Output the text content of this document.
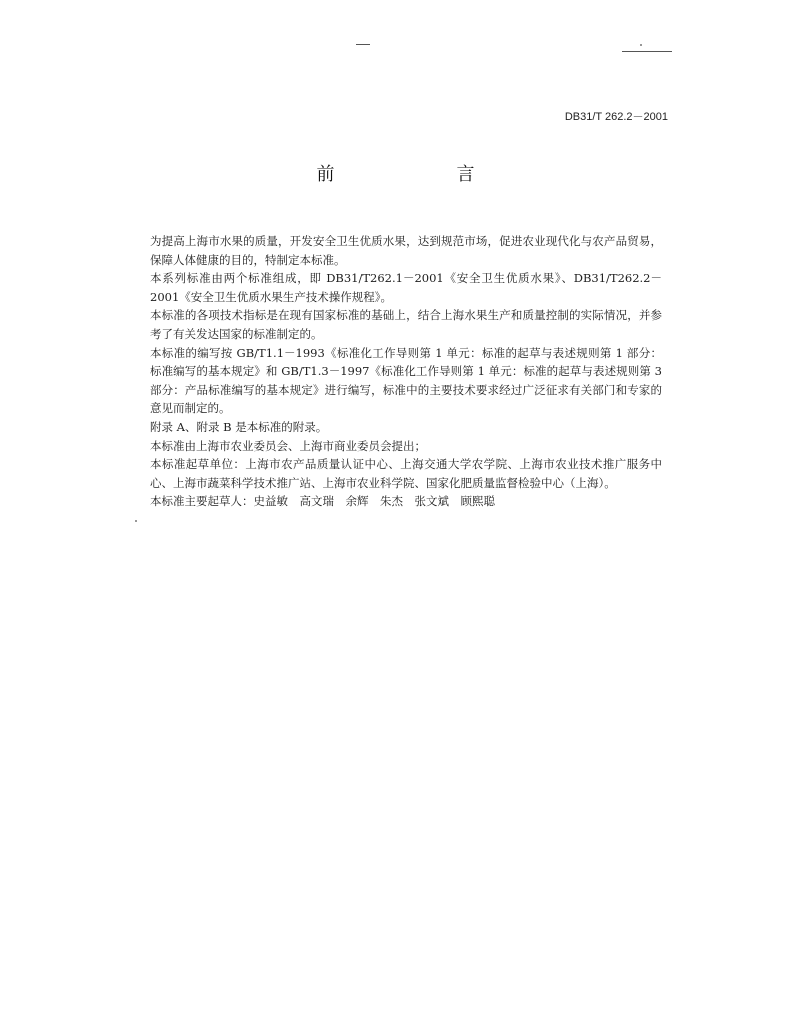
DB31/T 262.2－2001
前　言

为提高上海市水果的质量，开发安全卫生优质水果，达到规范市场，促进农业现代化与农产品贸易，保障人体健康的目的，特制定本标准。

本系列标准由两个标准组成，即 DB31/T262.1－2001《安全卫生优质水果》、DB31/T262.2－2001《安全卫生优质水果生产技术操作规程》。

本标准的各项技术指标是在现有国家标准的基础上，结合上海水果生产和质量控制的实际情况，并参考了有关发达国家的标准制定的。

本标准的编写按 GB/T1.1－1993《标准化工作导则第 1 单元：标准的起草与表述规则第 1 部分：标准编写的基本规定》和 GB/T1.3－1997《标准化工作导则第 1 单元：标准的起草与表述规则第 3 部分：产品标准编写的基本规定》进行编写，标准中的主要技术要求经过广泛征求有关部门和专家的意见而制定的。

附录 A、附录 B 是本标准的附录。

本标准由上海市农业委员会、上海市商业委员会提出；

本标准起草单位：上海市农产品质量认证中心、上海交通大学农学院、上海市农业技术推广服务中心、上海市蔬菜科学技术推广站、上海市农业科学院、国家化肥质量监督检验中心（上海）。

本标准主要起草人：史益敏　高文瑞　余辉　朱杰　张文斌　顾熙聪
